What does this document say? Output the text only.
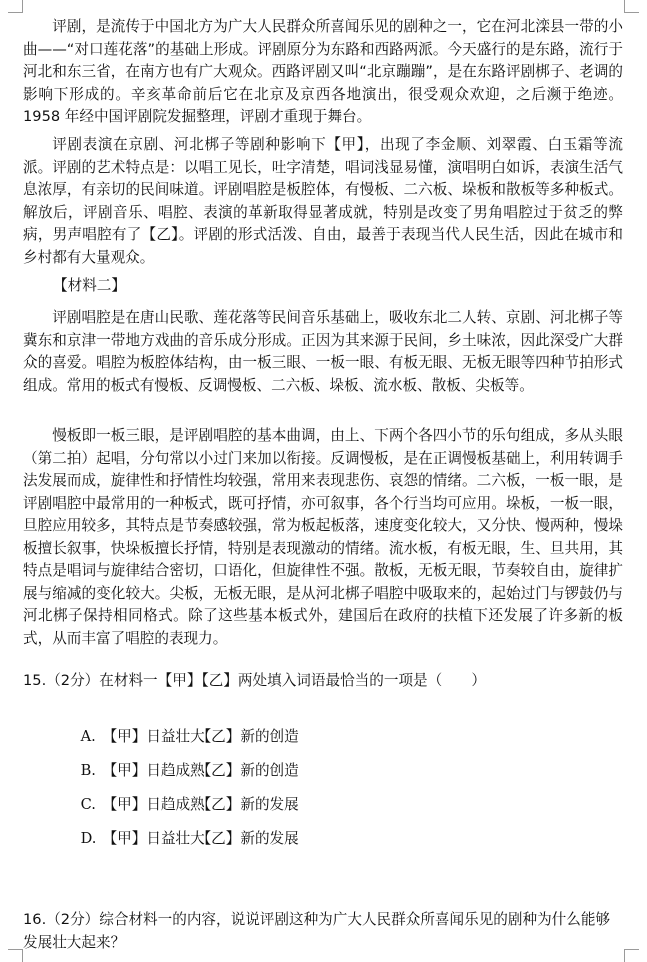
评剧，是流传于中国北方为广大人民群众所喜闻乐见的剧种之一，它在河北滦县一带的小曲——“对口莲花落”的基础上形成。评剧原分为东路和西路两派。今天盛行的是东路，流行于河北和东三省，在南方也有广大观众。西路评剧又叫“北京蹦蹦”，是在东路评剧梆子、老调的影响下形成的。辛亥革命前后它在北京及京西各地演出，很受观众欢迎，之后濒于绝迹。1958 年经中国评剧院发掘整理，评剧才重现于舞台。

评剧表演在京剧、河北梆子等剧种影响下【甲】，出现了李金顺、刘翠霞、白玉霜等流派。评剧的艺术特点是：以唱工见长，吐字清楚，唱词浅显易懂，演唱明白如诉，表演生活气息浓厚，有亲切的民间味道。评剧唱腔是板腔体，有慢板、二六板、垛板和散板等多种板式。解放后，评剧音乐、唱腔、表演的革新取得显著成就，特别是改变了男角唱腔过于贫乏的弊病，男声唱腔有了【乙】。评剧的形式活泼、自由，最善于表现当代人民生活，因此在城市和乡村都有大量观众。

【材料二】

评剧唱腔是在唐山民歌、莲花落等民间音乐基础上，吸收东北二人转、京剧、河北梆子等冀东和京津一带地方戏曲的音乐成分形成。正因为其来源于民间，乡土味浓，因此深受广大群众的喜爱。唱腔为板腔体结构，由一板三眼、一板一眼、有板无眼、无板无眼等四种节拍形式组成。常用的板式有慢板、反调慢板、二六板、垛板、流水板、散板、尖板等。

慢板即一板三眼，是评剧唱腔的基本曲调，由上、下两个各四小节的乐句组成，多从头眼（第二拍）起唱，分句常以小过门来加以衔接。反调慢板，是在正调慢板基础上，利用转调手法发展而成，旋律性和抒情性均较强，常用来表现悲伤、哀怨的情绪。二六板，一板一眼，是评剧唱腔中最常用的一种板式，既可抒情，亦可叙事，各个行当均可应用。垛板，一板一眼，旦腔应用较多，其特点是节奏感较强，常为板起板落，速度变化较大，又分快、慢两种，慢垛板擅长叙事，快垛板擅长抒情，特别是表现激动的情绪。流水板，有板无眼，生、旦共用，其特点是唱词与旋律结合密切，口语化，但旋律性不强。散板，无板无眼，节奏较自由，旋律扩展与缩减的变化较大。尖板，无板无眼，是从河北梆子唱腔中吸取来的，起始过门与锣鼓仍与河北梆子保持相同格式。除了这些基本板式外，建国后在政府的扶植下还发展了许多新的板式，从而丰富了唱腔的表现力。

15.（2分）在材料一【甲】【乙】两处填入词语最恰当的一项是（　　）

A. 【甲】日益壮大【乙】新的创造

B. 【甲】日趋成熟【乙】新的创造

C. 【甲】日趋成熟【乙】新的发展

D. 【甲】日益壮大【乙】新的发展

16.（2分）综合材料一的内容，说说评剧这种为广大人民群众所喜闻乐见的剧种为什么能够发展壮大起来？
